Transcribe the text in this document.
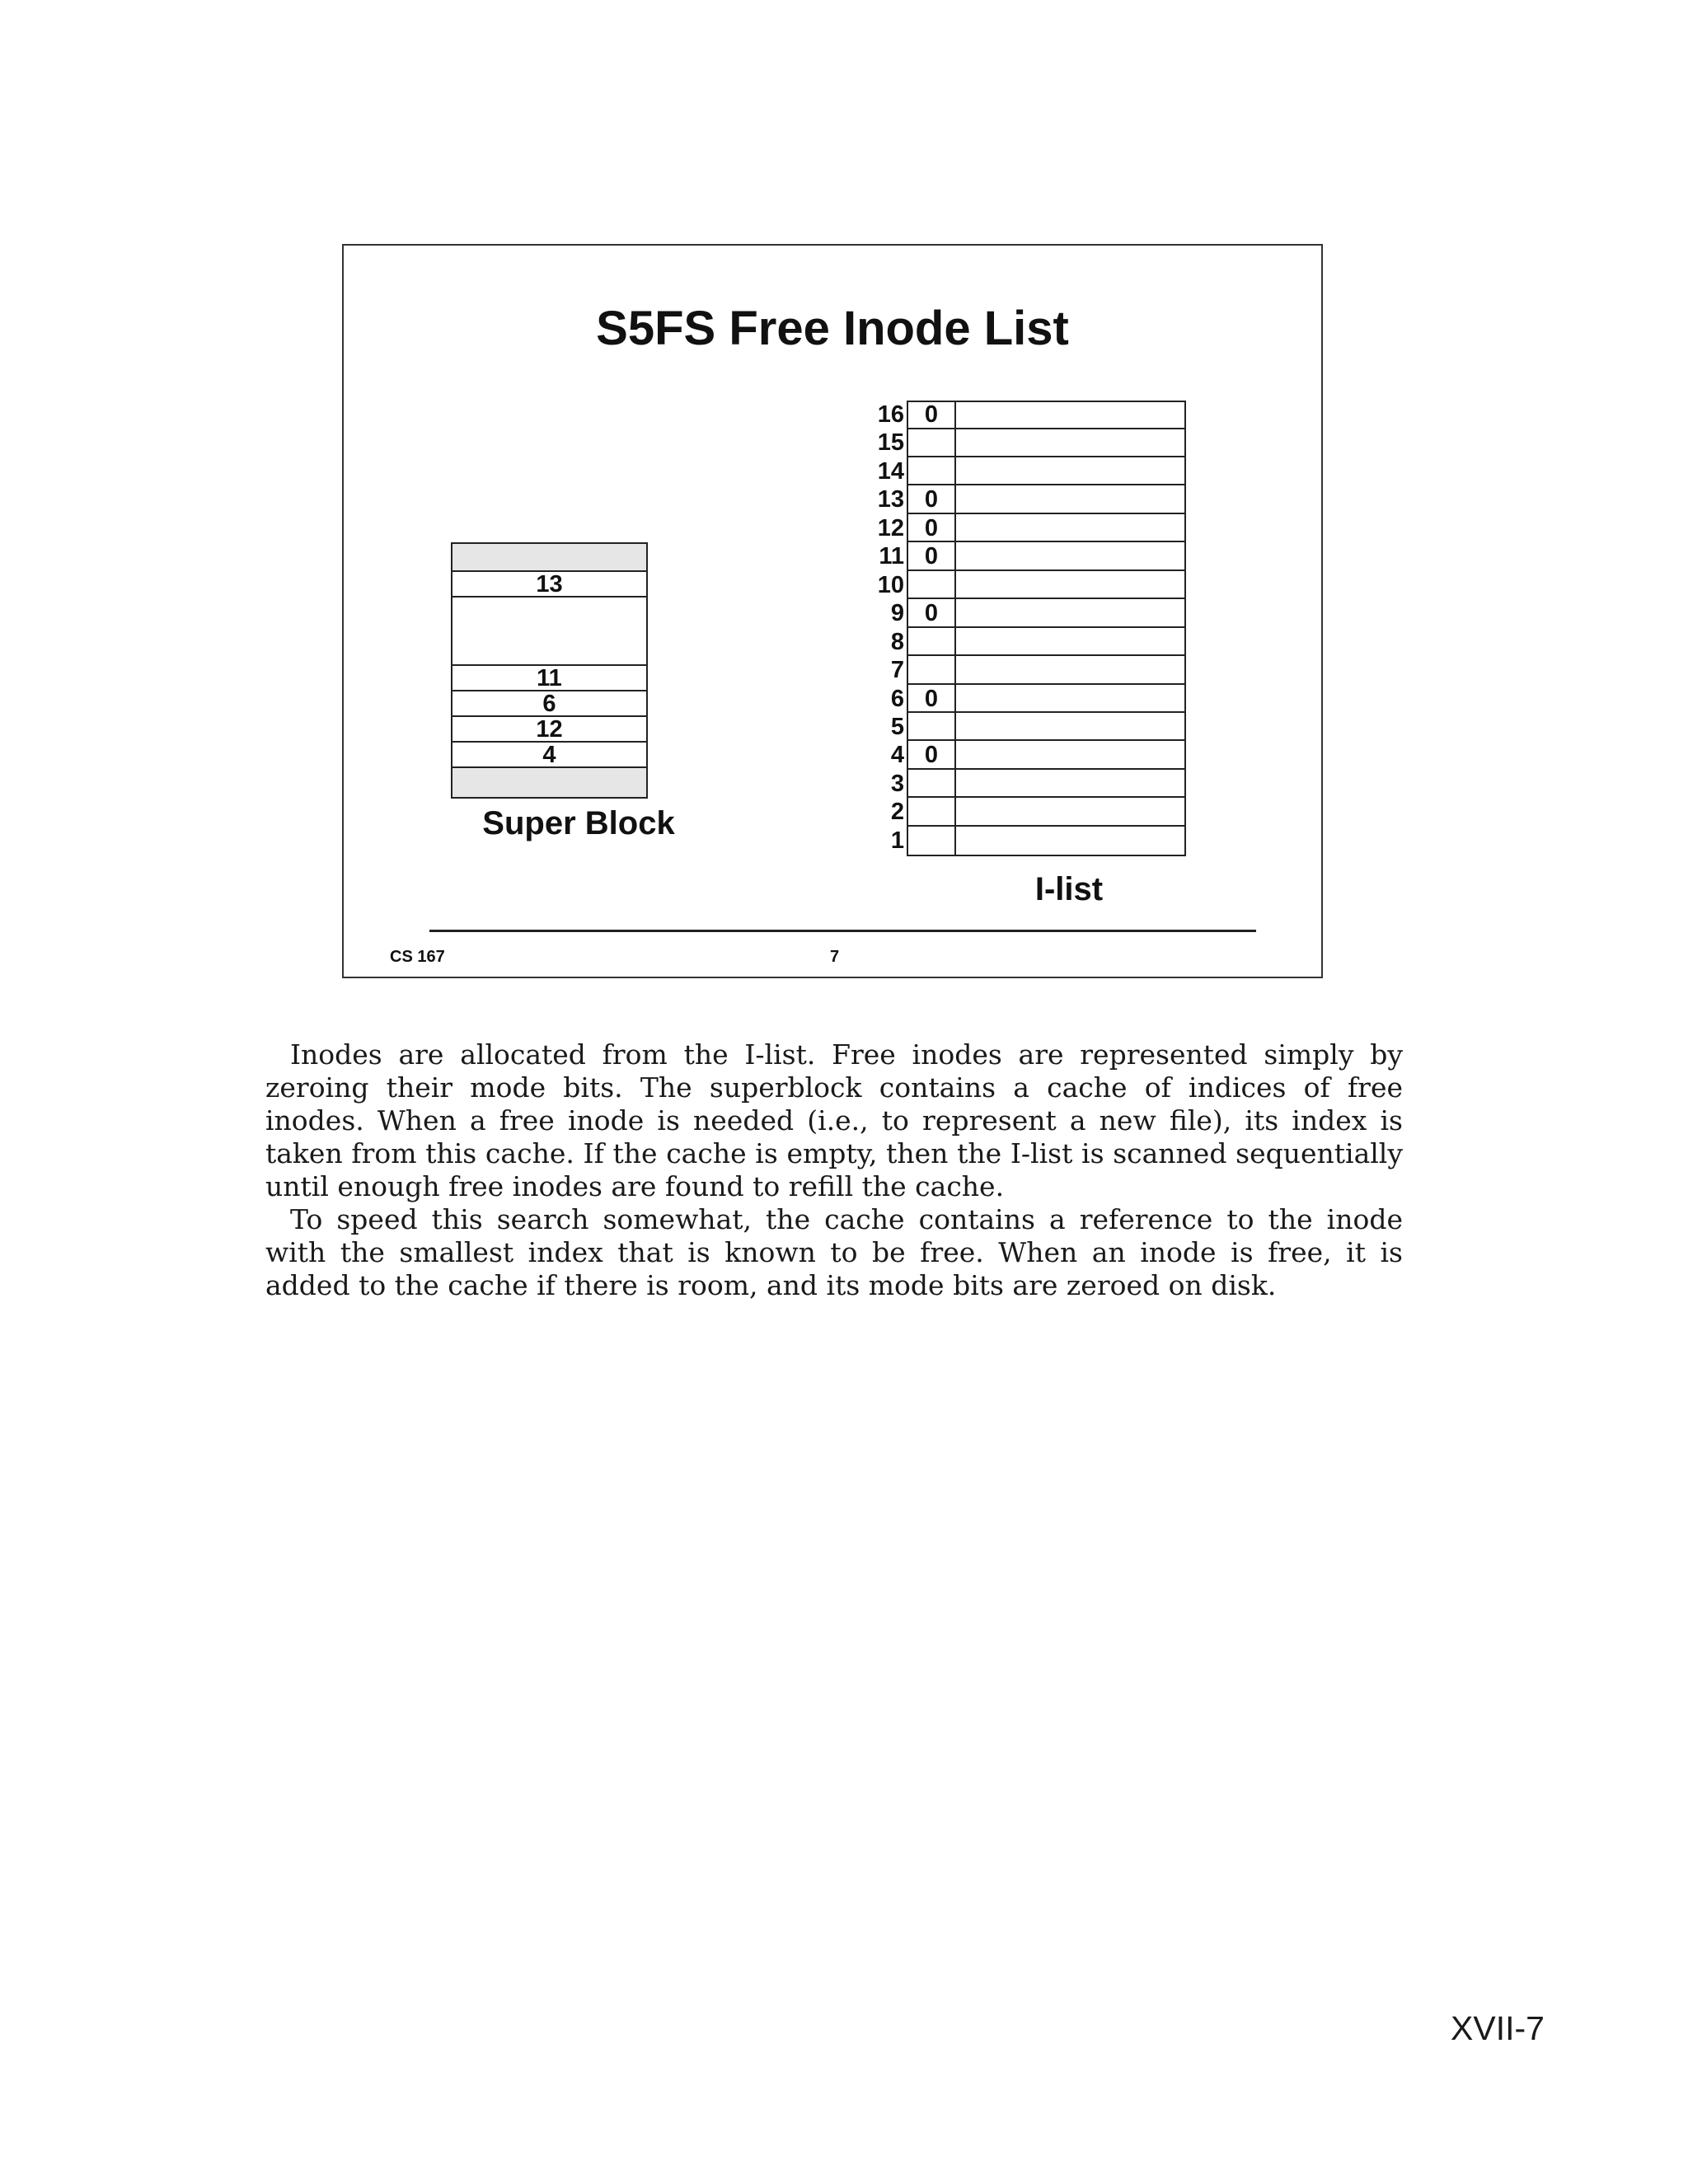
S5FS Free Inode List
13
11
6
12
4
Super Block
16
15
14
13
12
11
10
9
8
7
6
5
4
3
2
1
0
0
0
0
0
0
0
I-list
CS 167	7

Inodes are allocated from the I-list. Free inodes are represented simply by zeroing their mode bits. The superblock contains a cache of indices of free inodes. When a free inode is needed (i.e., to represent a new file), its index is taken from this cache. If the cache is empty, then the I-list is scanned sequentially until enough free inodes are found to refill the cache.

To speed this search somewhat, the cache contains a reference to the inode with the smallest index that is known to be free. When an inode is free, it is added to the cache if there is room, and its mode bits are zeroed on disk.

XVII-7
